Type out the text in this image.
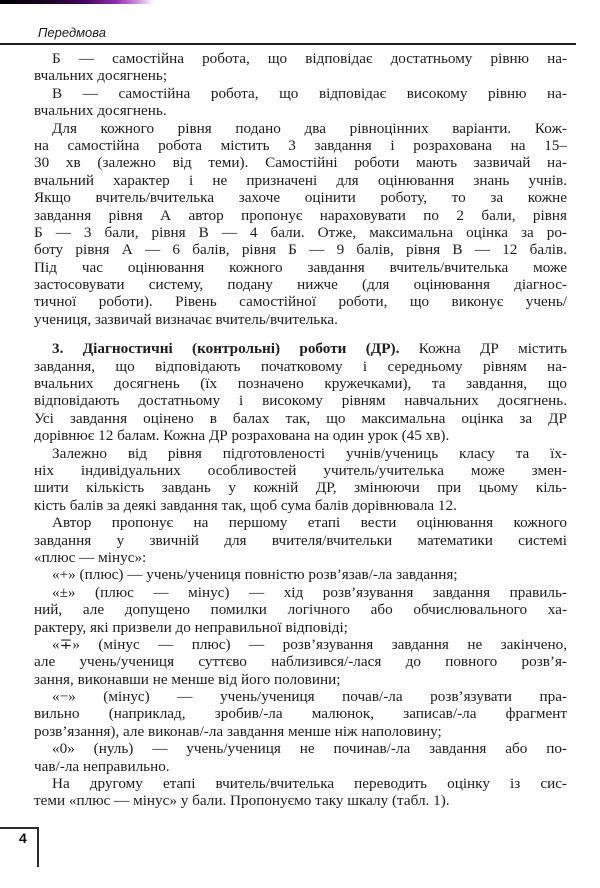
Передмова
Б — самостійна робота, що відповідає достатньому рівню на-
вчальних досягнень;
В — самостійна робота, що відповідає високому рівню на-
вчальних досягнень.
Для кожного рівня подано два рівноцінних варіанти. Кож-
на самостійна робота містить 3 завдання і розрахована на 15–
30 хв (залежно від теми). Самостійні роботи мають зазвичай на-
вчальний характер і не призначені для оцінювання знань учнів.
Якщо вчитель/вчителька захоче оцінити роботу, то за кожне
завдання рівня А автор пропонує нараховувати по 2 бали, рівня
Б — 3 бали, рівня В — 4 бали. Отже, максимальна оцінка за ро-
боту рівня А — 6 балів, рівня Б — 9 балів, рівня В — 12 балів.
Під час оцінювання кожного завдання вчитель/вчителька може
застосовувати систему, подану нижче (для оцінювання діагнос-
тичної роботи). Рівень самостійної роботи, що виконує учень/
учениця, зазвичай визначає вчитель/вчителька.
3. Діагностичні (контрольні) роботи (ДР). Кожна ДР містить
завдання, що відповідають початковому і середньому рівням на-
вчальних досягнень (їх позначено кружечками), та завдання, що
відповідають достатньому і високому рівням навчальних досягнень.
Усі завдання оцінено в балах так, що максимальна оцінка за ДР
дорівнює 12 балам. Кожна ДР розрахована на один урок (45 хв).
Залежно від рівня підготовленості учнів/учениць класу та їх-
ніх індивідуальних особливостей учитель/учителька може змен-
шити кількість завдань у кожній ДР, змінюючи при цьому кіль-
кість балів за деякі завдання так, щоб сума балів дорівнювала 12.
Автор пропонує на першому етапі вести оцінювання кожного
завдання у звичній для вчителя/вчительки математики системі
«плюс — мінус»:
«+» (плюс) — учень/учениця повністю розв’язав/-ла завдання;
«±» (плюс — мінус) — хід розв’язування завдання правиль-
ний, але допущено помилки логічного або обчислювального ха-
рактеру, які призвели до неправильної відповіді;
«∓» (мінус — плюс) — розв’язування завдання не закінчено,
але учень/учениця суттєво наблизився/-лася до повного розв’я-
зання, виконавши не менше від його половини;
«−» (мінус) — учень/учениця почав/-ла розв’язувати пра-
вильно (наприклад, зробив/-ла малюнок, записав/-ла фрагмент
розв’язання), але виконав/-ла завдання менше ніж наполовину;
«0» (нуль) — учень/учениця не починав/-ла завдання або по-
чав/-ла неправильно.
На другому етапі вчитель/вчителька переводить оцінку із сис-
теми «плюс — мінус» у бали. Пропонуємо таку шкалу (табл. 1).
4
